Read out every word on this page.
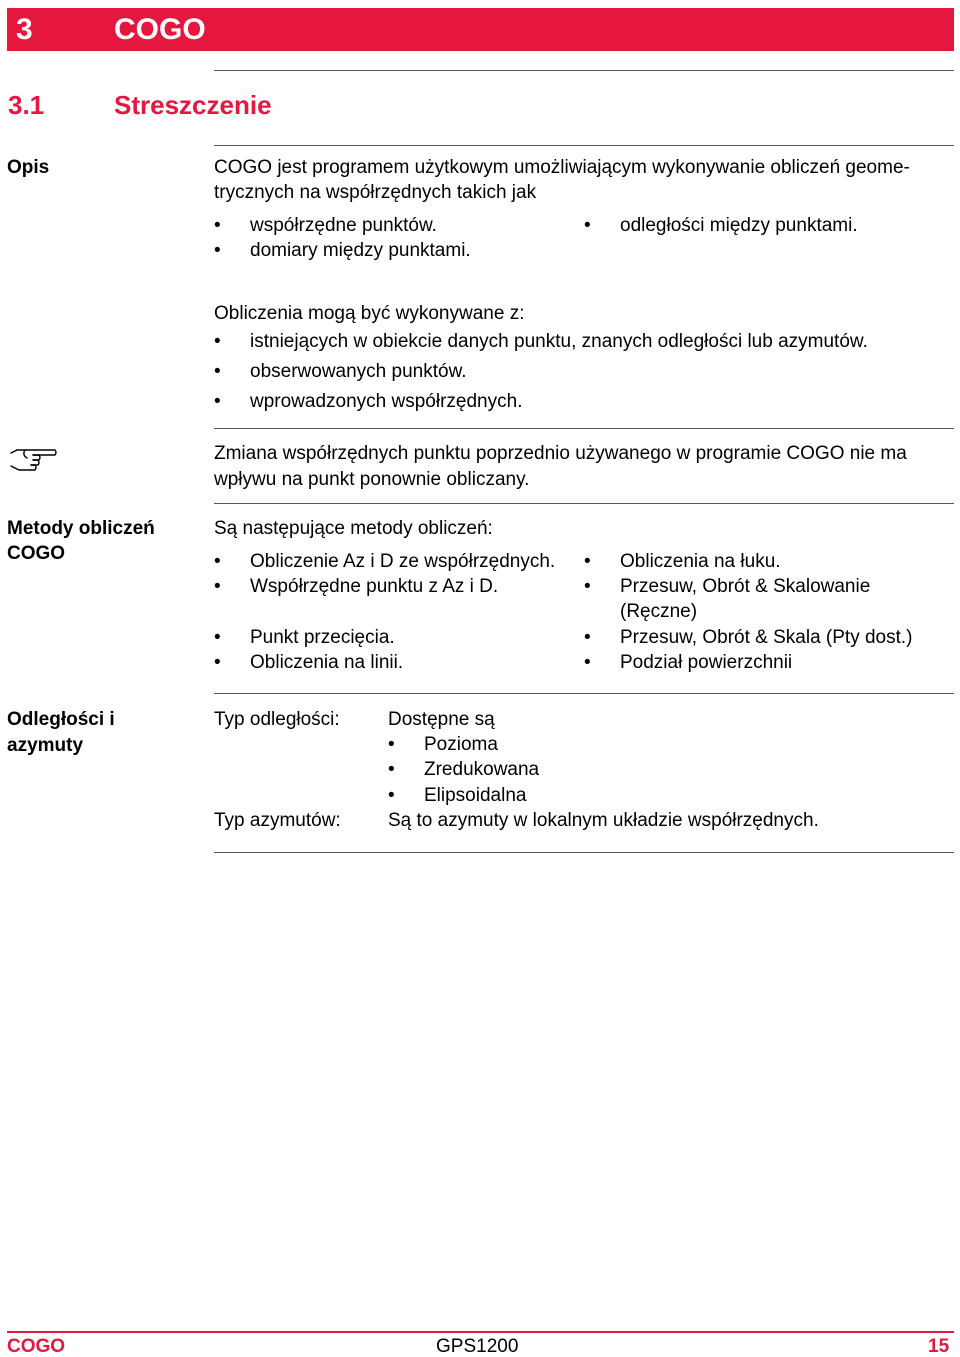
3	COGO
3.1	Streszczenie
Opis	COGO jest programem użytkowym umożliwiającym wykonywanie obliczeń geome-
trycznych na współrzędnych takich jak
• współrzędne punktów.
• domiary między punktami.
• odległości między punktami.
Obliczenia mogą być wykonywane z:
• istniejących w obiekcie danych punktu, znanych odległości lub azymutów.
• obserwowanych punktów.
• wprowadzonych współrzędnych.
Zmiana współrzędnych punktu poprzednio używanego w programie COGO nie ma
wpływu na punkt ponownie obliczany.
Metody obliczeń
COGO
Są następujące metody obliczeń:
• Obliczenie Az i D ze współrzędnych.
• Współrzędne punktu z Az i D.
• Punkt przecięcia.
• Obliczenia na linii.
• Obliczenia na łuku.
• Przesuw, Obrót & Skalowanie
(Ręczne)
• Przesuw, Obrót & Skala (Pty dost.)
• Podział powierzchnii
Odległości i
azymuty
Typ odległości:	Dostępne są
• Pozioma
• Zredukowana
• Elipsoidalna
Typ azymutów: Są to azymuty w lokalnym układzie współrzędnych.
COGO	GPS1200	15
